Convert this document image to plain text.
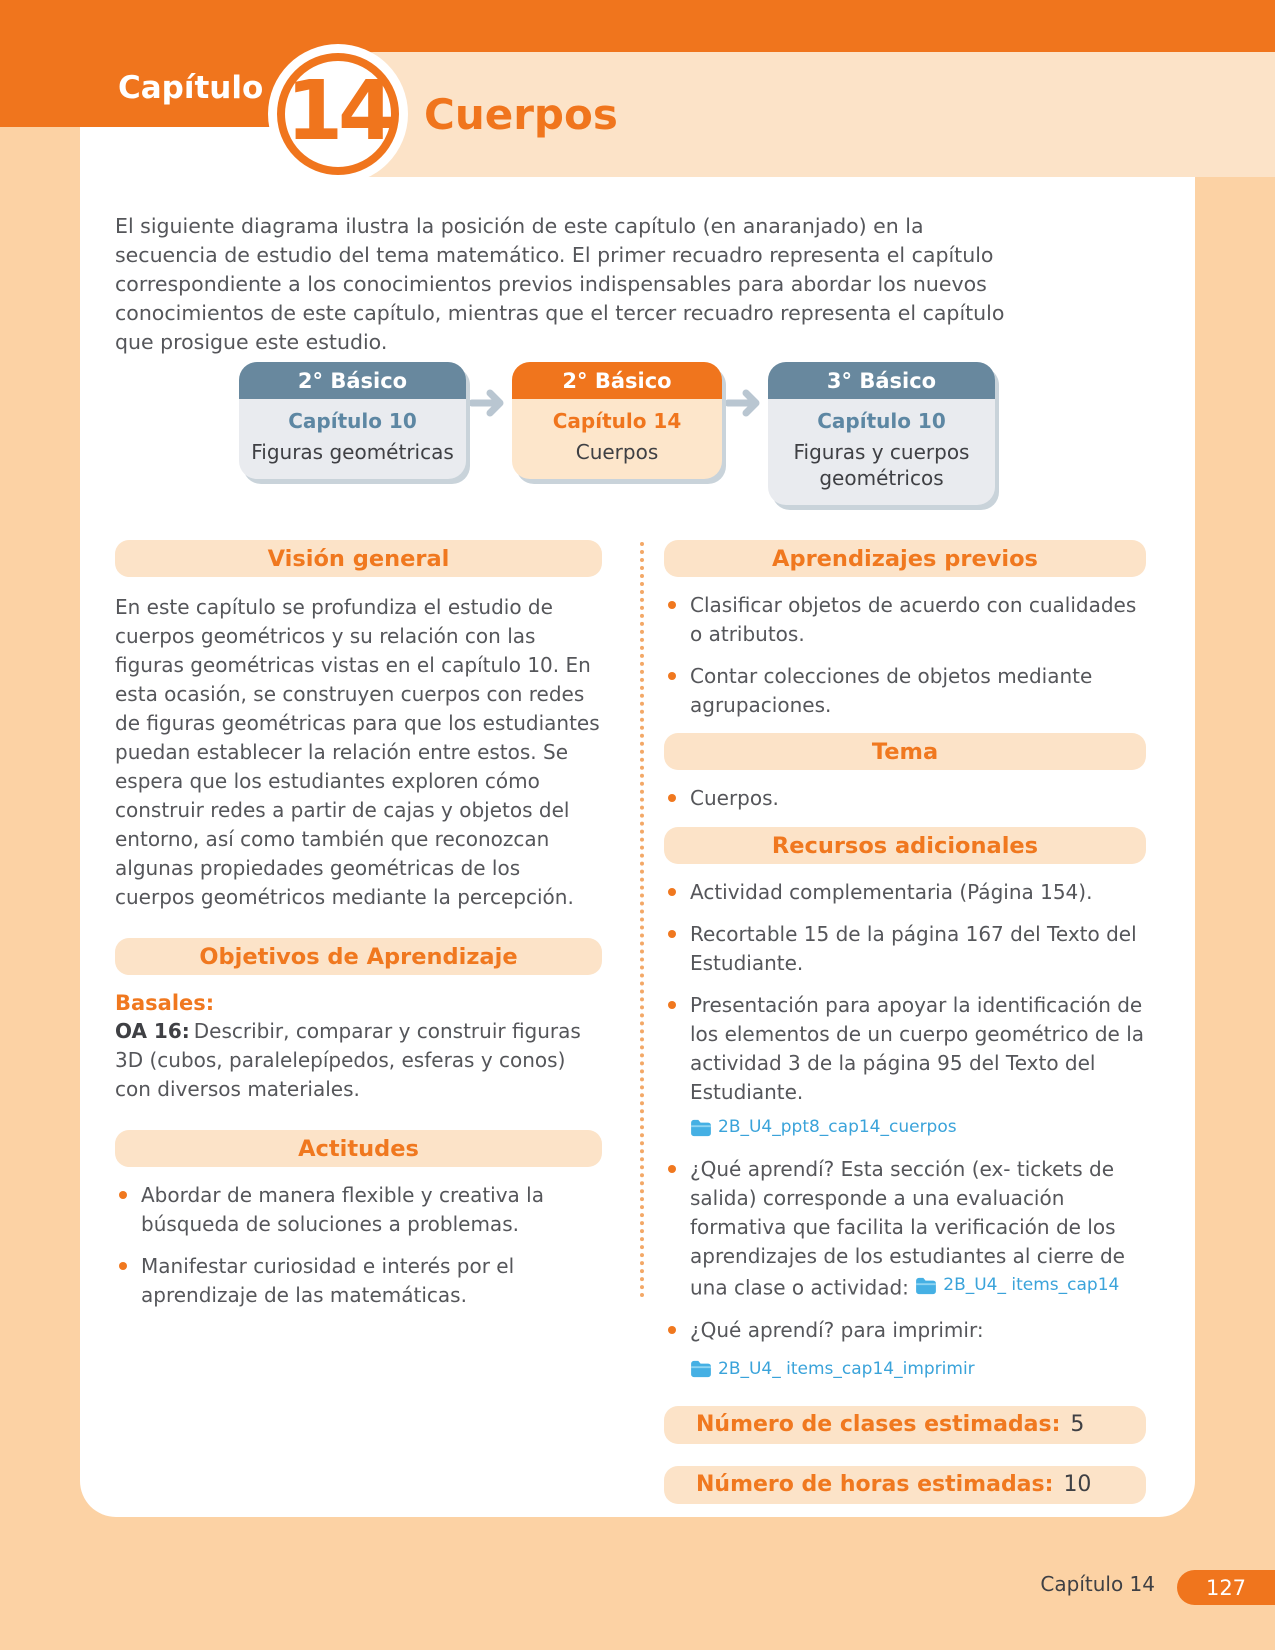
Capítulo 14 Cuerpos
El siguiente diagrama ilustra la posición de este capítulo (en anaranjado) en la secuencia de estudio del tema matemático. El primer recuadro representa el capítulo correspondiente a los conocimientos previos indispensables para abordar los nuevos conocimientos de este capítulo, mientras que el tercer recuadro representa el capítulo que prosigue este estudio.
2° Básico
Capítulo 10
Figuras geométricas
2° Básico
Capítulo 14
Cuerpos
3° Básico
Capítulo 10
Figuras y cuerpos geométricos
Visión general
En este capítulo se profundiza el estudio de cuerpos geométricos y su relación con las figuras geométricas vistas en el capítulo 10. En esta ocasión, se construyen cuerpos con redes de figuras geométricas para que los estudiantes puedan establecer la relación entre estos. Se espera que los estudiantes exploren cómo construir redes a partir de cajas y objetos del entorno, así como también que reconozcan algunas propiedades geométricas de los cuerpos geométricos mediante la percepción.
Objetivos de Aprendizaje
Basales:
OA 16: Describir, comparar y construir figuras 3D (cubos, paralelepípedos, esferas y conos) con diversos materiales.
Actitudes
Abordar de manera flexible y creativa la búsqueda de soluciones a problemas.
Manifestar curiosidad e interés por el aprendizaje de las matemáticas.
Aprendizajes previos
Clasificar objetos de acuerdo con cualidades o atributos.
Contar colecciones de objetos mediante agrupaciones.
Tema
Cuerpos.
Recursos adicionales
Actividad complementaria (Página 154).
Recortable 15 de la página 167 del Texto del Estudiante.
Presentación para apoyar la identificación de los elementos de un cuerpo geométrico de la actividad 3 de la página 95 del Texto del Estudiante.
2B_U4_ppt8_cap14_cuerpos
¿Qué aprendí? Esta sección (ex- tickets de salida) corresponde a una evaluación formativa que facilita la verificación de los aprendizajes de los estudiantes al cierre de una clase o actividad: 2B_U4_ items_cap14
¿Qué aprendí? para imprimir:
2B_U4_ items_cap14_imprimir
Número de clases estimadas: 5
Número de horas estimadas: 10
Capítulo 14	127
